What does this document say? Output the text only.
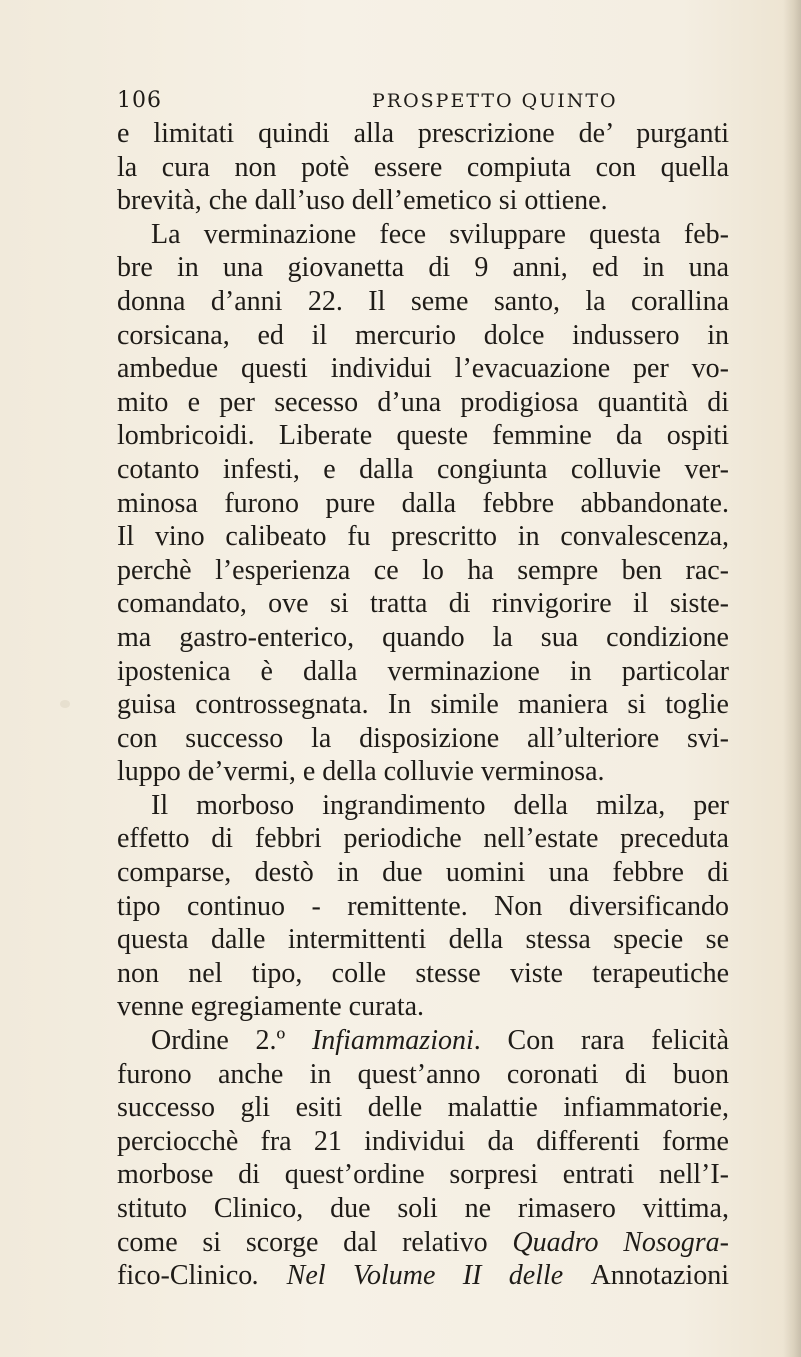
106	PROSPETTO QUINTO
e limitati quindi alla prescrizione de’ purganti
la cura non potè essere compiuta con quella
brevità, che dall’uso dell’emetico si ottiene.
La verminazione fece sviluppare questa feb-
bre in una giovanetta di 9 anni, ed in una
donna d’anni 22. Il seme santo, la corallina
corsicana, ed il mercurio dolce indussero in
ambedue questi individui l’evacuazione per vo-
mito e per secesso d’una prodigiosa quantità di
lombricoidi. Liberate queste femmine da ospiti
cotanto infesti, e dalla congiunta colluvie ver-
minosa furono pure dalla febbre abbandonate.
Il vino calibeato fu prescritto in convalescenza,
perchè l’esperienza ce lo ha sempre ben rac-
comandato, ove si tratta di rinvigorire il siste-
ma gastro-enterico, quando la sua condizione
ipostenica è dalla verminazione in particolar
guisa controssegnata. In simile maniera si toglie
con successo la disposizione all’ulteriore svi-
luppo de’vermi, e della colluvie verminosa.
Il morboso ingrandimento della milza, per
effetto di febbri periodiche nell’estate preceduta
comparse, destò in due uomini una febbre di
tipo continuo - remittente. Non diversificando
questa dalle intermittenti della stessa specie se
non nel tipo, colle stesse viste terapeutiche
venne egregiamente curata.
Ordine 2.º Infiammazioni. Con rara felicità
furono anche in quest’anno coronati di buon
successo gli esiti delle malattie infiammatorie,
perciocchè fra 21 individui da differenti forme
morbose di quest’ordine sorpresi entrati nell’I-
stituto Clinico, due soli ne rimasero vittima,
come si scorge dal relativo Quadro Nosogra-
fico-Clinico. Nel Volume II delle Annotazioni
